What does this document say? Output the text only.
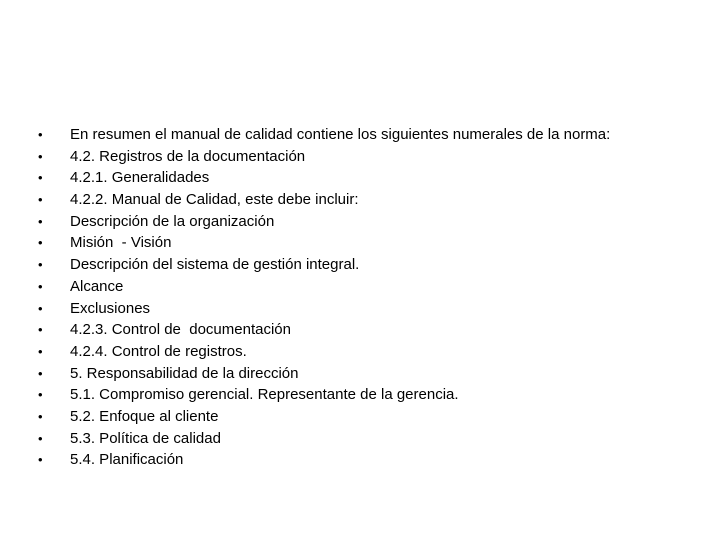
•	En resumen el manual de calidad contiene los siguientes numerales de la norma:
•	4.2. Registros de la documentación
•	4.2.1. Generalidades
•	4.2.2. Manual de Calidad, este debe incluir:
•	Descripción de la organización
•	Misión  - Visión
•	Descripción del sistema de gestión integral.
•	Alcance
•	Exclusiones
•	4.2.3. Control de  documentación
•	4.2.4. Control de registros.
•	5. Responsabilidad de la dirección
•	5.1. Compromiso gerencial. Representante de la gerencia.
•	5.2. Enfoque al cliente
•	5.3. Política de calidad
•	5.4. Planificación
